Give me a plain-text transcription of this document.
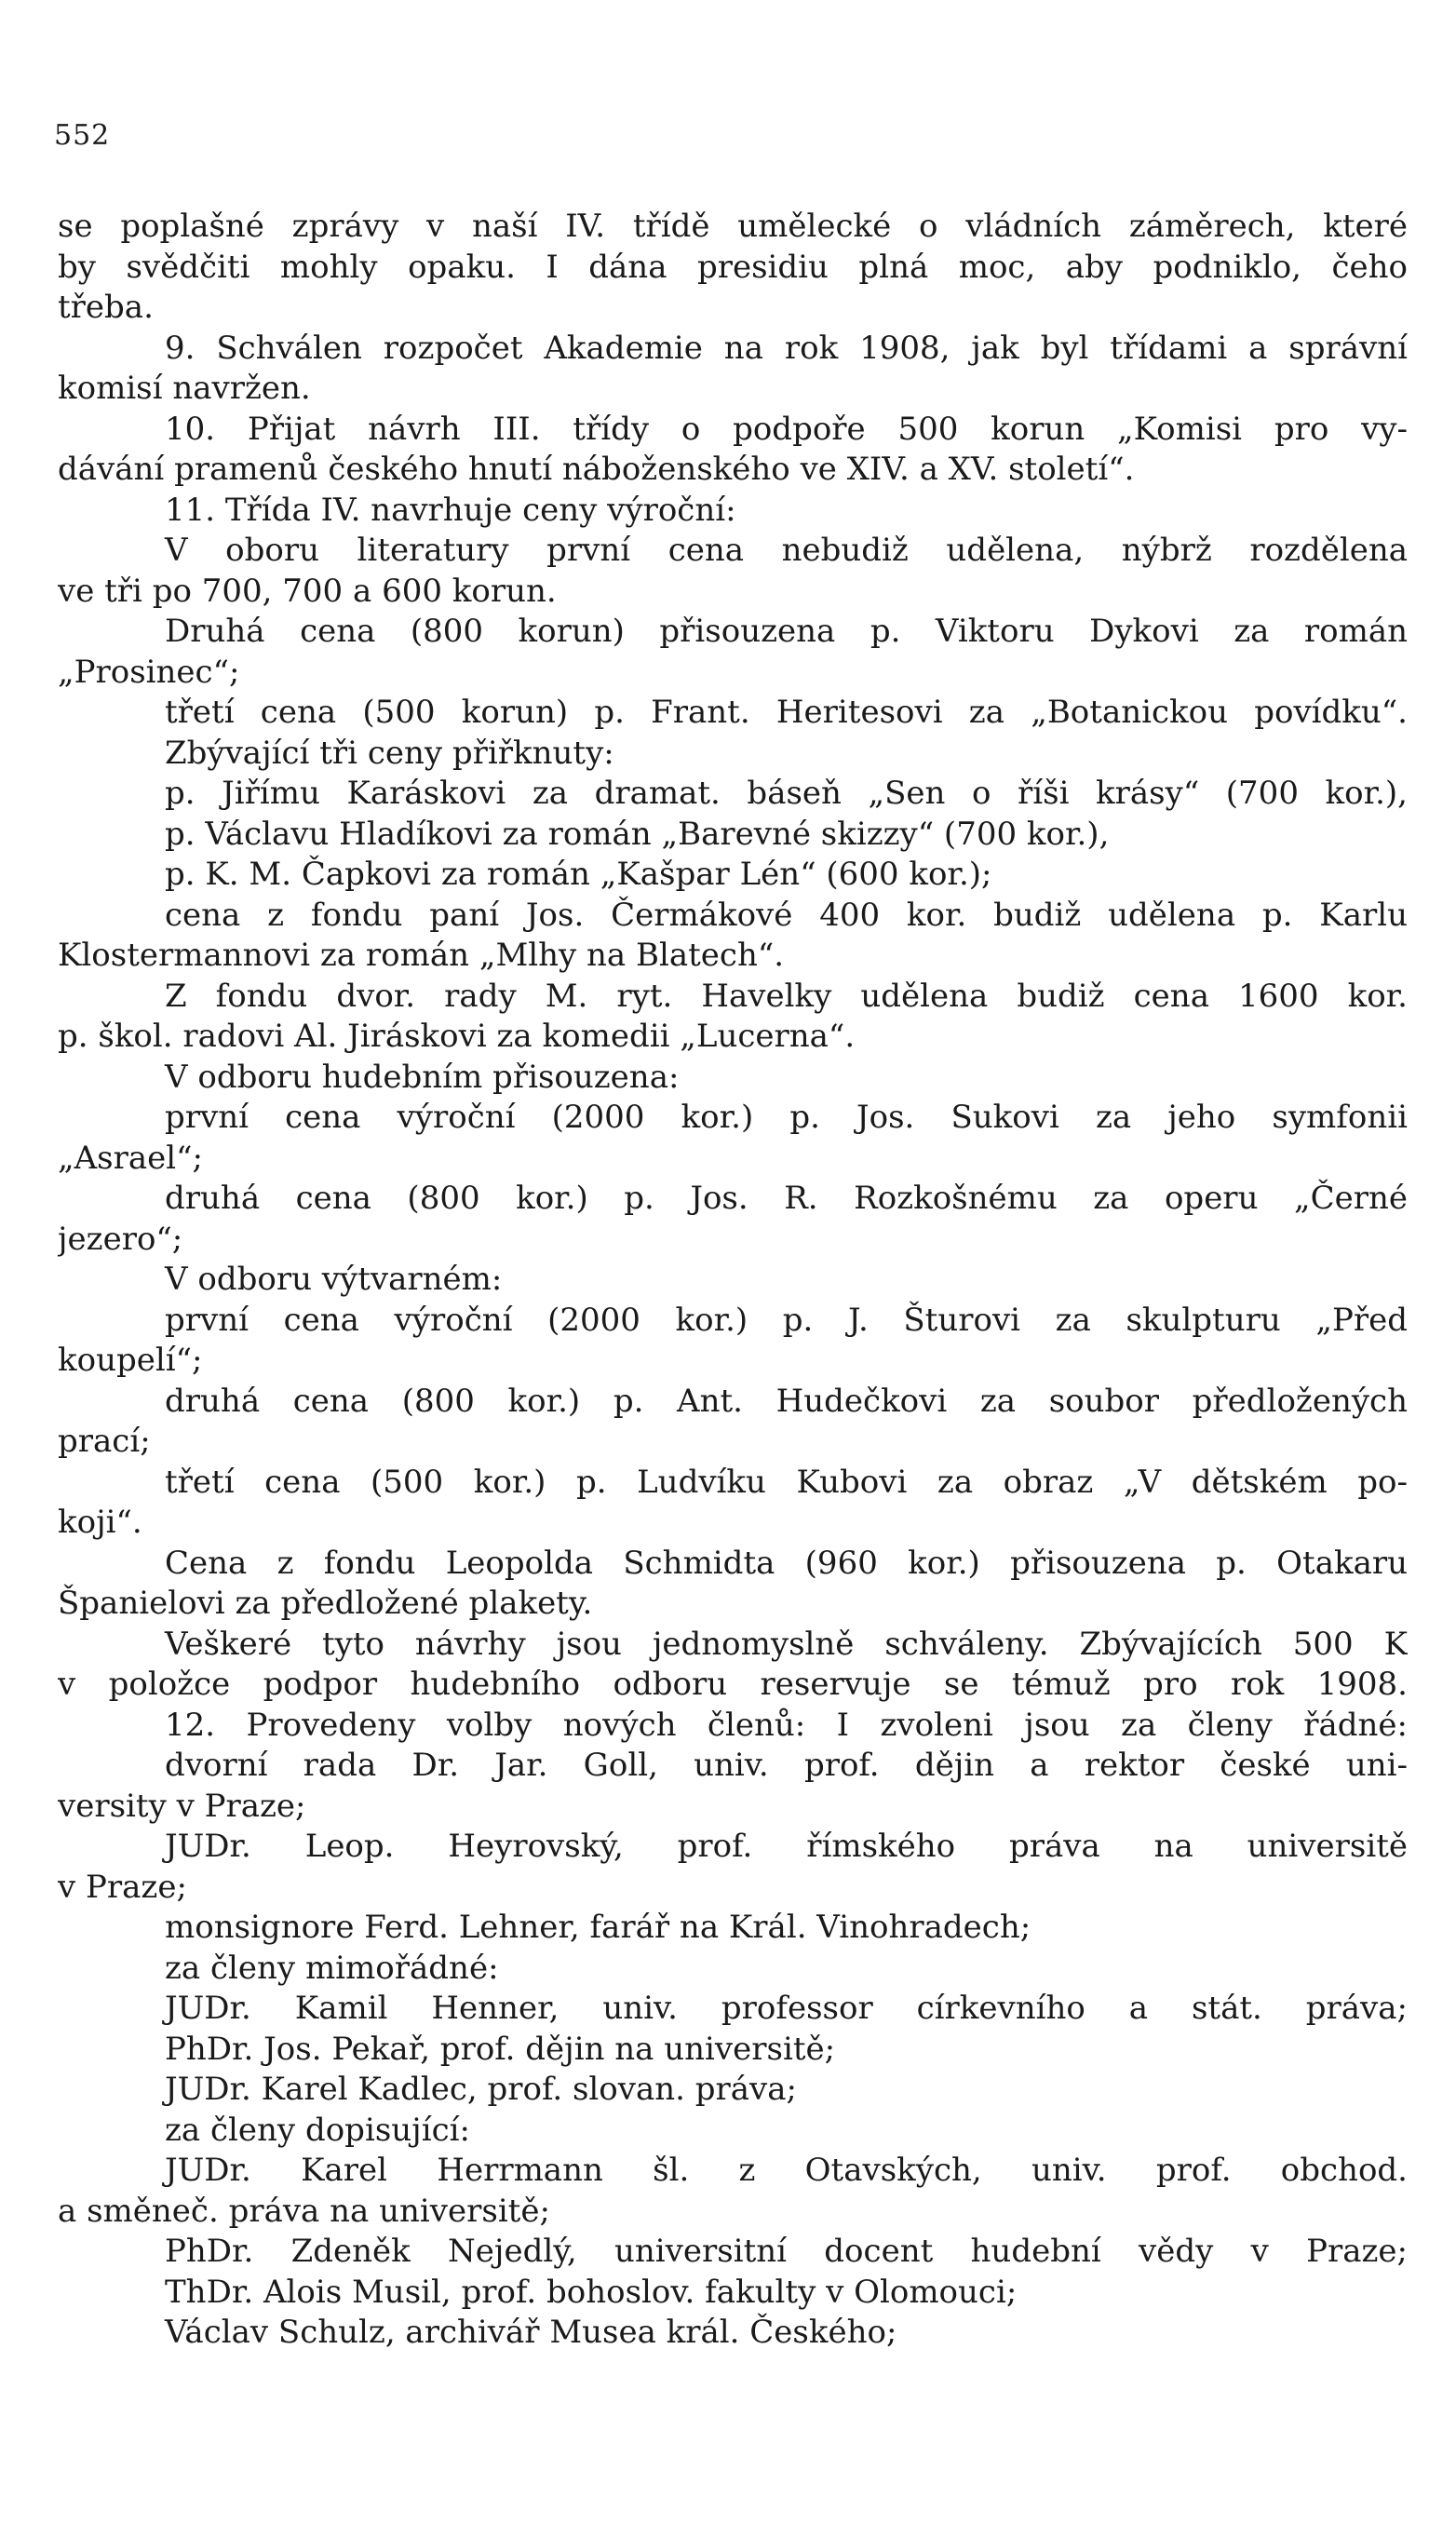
552
se poplašné zprávy v naší IV. třídě umělecké o vládních záměrech, které
by svědčiti mohly opaku. I dána presidiu plná moc, aby podniklo, čeho
třeba.
9. Schválen rozpočet Akademie na rok 1908, jak byl třídami a správní
komisí navržen.
10. Přijat návrh III. třídy o podpoře 500 korun „Komisi pro vy-
dávání pramenů českého hnutí náboženského ve XIV. a XV. století“.
11. Třída IV. navrhuje ceny výroční:
V oboru literatury první cena nebudiž udělena, nýbrž rozdělena
ve tři po 700, 700 a 600 korun.
Druhá cena (800 korun) přisouzena p. Viktoru Dykovi za román
„Prosinec“;
třetí cena (500 korun) p. Frant. Heritesovi za „Botanickou povídku“.
Zbývající tři ceny přiřknuty:
p. Jiřímu Karáskovi za dramat. báseň „Sen o říši krásy“ (700 kor.),
p. Václavu Hladíkovi za román „Barevné skizzy“ (700 kor.),
p. K. M. Čapkovi za román „Kašpar Lén“ (600 kor.);
cena z fondu paní Jos. Čermákové 400 kor. budiž udělena p. Karlu
Klostermannovi za román „Mlhy na Blatech“.
Z fondu dvor. rady M. ryt. Havelky udělena budiž cena 1600 kor.
p. škol. radovi Al. Jiráskovi za komedii „Lucerna“.
V odboru hudebním přisouzena:
první cena výroční (2000 kor.) p. Jos. Sukovi za jeho symfonii
„Asrael“;
druhá cena (800 kor.) p. Jos. R. Rozkošnému za operu „Černé
jezero“;
V odboru výtvarném:
první cena výroční (2000 kor.) p. J. Šturovi za skulpturu „Před
koupelí“;
druhá cena (800 kor.) p. Ant. Hudečkovi za soubor předložených
prací;
třetí cena (500 kor.) p. Ludvíku Kubovi za obraz „V dětském po-
koji“.
Cena z fondu Leopolda Schmidta (960 kor.) přisouzena p. Otakaru
Španielovi za předložené plakety.
Veškeré tyto návrhy jsou jednomyslně schváleny. Zbývajících 500 K
v položce podpor hudebního odboru reservuje se témuž pro rok 1908.
12. Provedeny volby nových členů: I zvoleni jsou za členy řádné:
dvorní rada Dr. Jar. Goll, univ. prof. dějin a rektor české uni-
versity v Praze;
JUDr. Leop. Heyrovský, prof. římského práva na universitě
v Praze;
monsignore Ferd. Lehner, farář na Král. Vinohradech;
za členy mimořádné:
JUDr. Kamil Henner, univ. professor církevního a stát. práva;
PhDr. Jos. Pekař, prof. dějin na universitě;
JUDr. Karel Kadlec, prof. slovan. práva;
za členy dopisující:
JUDr. Karel Herrmann šl. z Otavských, univ. prof. obchod.
a směneč. práva na universitě;
PhDr. Zdeněk Nejedlý, universitní docent hudební vědy v Praze;
ThDr. Alois Musil, prof. bohoslov. fakulty v Olomouci;
Václav Schulz, archivář Musea král. Českého;
